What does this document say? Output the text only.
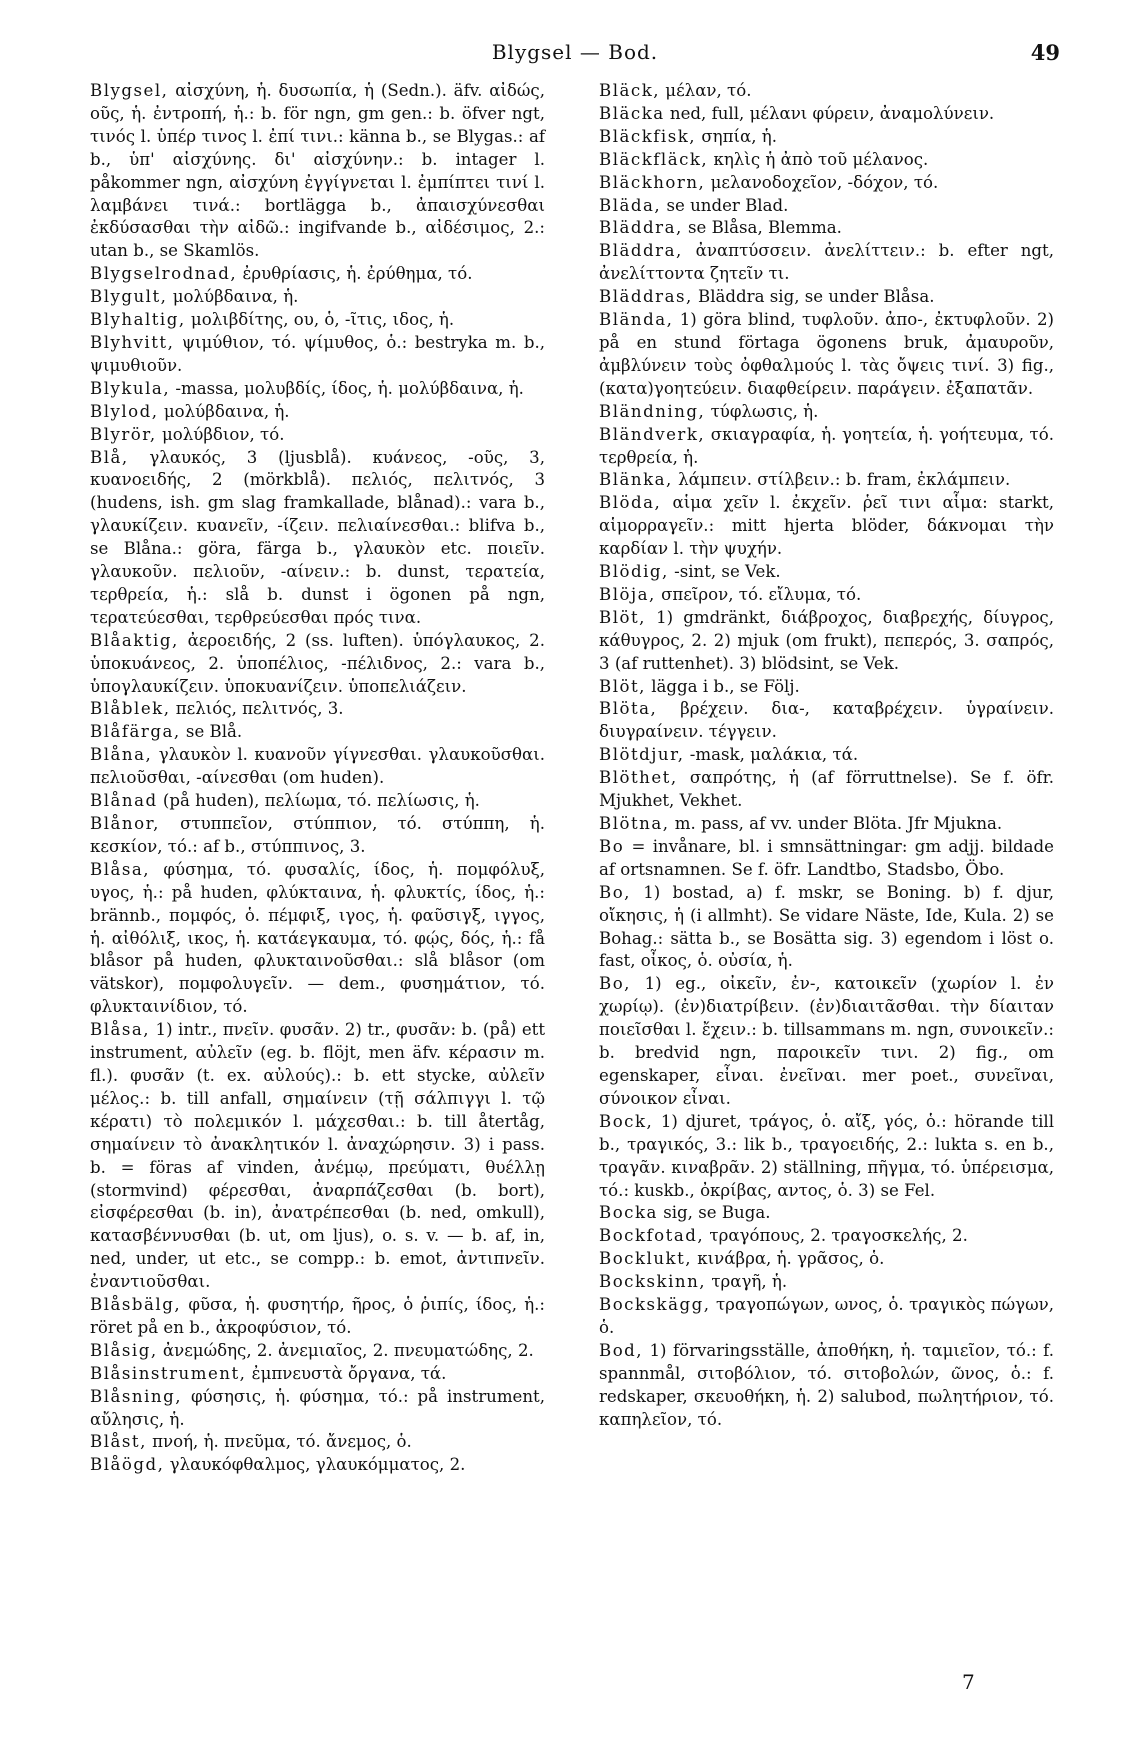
Blygsel — Bod.	49

Blygsel, αἰσχύνη, ἡ. δυσωπία, ἡ (Sedn.). äfv. αἰδώς, οῦς, ἡ. ἐντροπή, ἡ.: b. för ngn, gm gen.: b. öfver ngt, τινός l. ὑπέρ τινος l. ἐπί τινι.: känna b., se Blygas.: af b., ὑπ' αἰσχύνης. δι' αἰσχύνην.: b. intager l. påkommer ngn, αἰσχύνη ἐγγίγνεται l. ἐμπίπτει τινί l. λαμβάνει τινά.: bortlägga b., ἀπαισχύνεσθαι ἐκδύσασθαι τὴν αἰδῶ.: ingifvande b., αἰδέσιμος, 2.: utan b., se Skamlös.

Blygselrodnad, ἐρυθρίασις, ἡ. ἐρύθημα, τό.

Blygult, μολύβδαινα, ἡ.

Blyhaltig, μολιβδίτης, ου, ὁ, -ῖτις, ιδος, ἡ.

Blyhvitt, ψιμύθιον, τό. ψίμυθος, ὁ.: bestryka m. b., ψιμυθιοῦν.

Blykula, -massa, μολυβδίς, ίδος, ἡ. μολύβδαινα, ἡ.

Blylod, μολύβδαινα, ἡ.

Blyrör, μολύβδιον, τό.

Blå, γλαυκός, 3 (ljusblå). κυάνεος, -οῦς, 3, κυανοειδής, 2 (mörkblå). πελιός, πελιτνός, 3 (hudens, ish. gm slag framkallade, blånad).: vara b., γλαυκίζειν. κυανεῖν, -ίζειν. πελιαίνεσθαι.: blifva b., se Blåna.: göra, färga b., γλαυκὸν etc. ποιεῖν. γλαυκοῦν. πελιοῦν, -αίνειν.: b. dunst, τερατεία, τερθρεία, ἡ.: slå b. dunst i ögonen på ngn, τερατεύεσθαι, τερθρεύεσθαι πρός τινα.

Blåaktig, ἀεροειδής, 2 (ss. luften). ὑπόγλαυκος, 2. ὑποκυάνεος, 2. ὑποπέλιος, -πέλιδνος, 2.: vara b., ὑπογλαυκίζειν. ὑποκυανίζειν. ὑποπελιάζειν.

Blåblek, πελιός, πελιτνός, 3.

Blåfärga, se Blå.

Blåna, γλαυκὸν l. κυανοῦν γίγνεσθαι. γλαυκοῦσθαι. πελιοῦσθαι, -αίνεσθαι (om huden).

Blånad (på huden), πελίωμα, τό. πελίωσις, ἡ.

Blånor, στυππεῖον, στύππιον, τό. στύππη, ἡ. κεσκίον, τό.: af b., στύππινος, 3.

Blåsa, φύσημα, τό. φυσαλίς, ίδος, ἡ. πομφόλυξ, υγος, ἡ.: på huden, φλύκταινα, ἡ. φλυκτίς, ίδος, ἡ.: brännb., πομφός, ὁ. πέμφιξ, ιγος, ἡ. φαῦσιγξ, ιγγος, ἡ. αἰθόλιξ, ικος, ἡ. κατάεγκαυμα, τό. φῴς, δός, ἡ.: få blåsor på huden, φλυκταινοῦσθαι.: slå blåsor (om vätskor), πομφολυγεῖν. — dem., φυσημάτιον, τό. φλυκταινίδιον, τό.

Blåsa, 1) intr., πνεῖν. φυσᾶν. 2) tr., φυσᾶν: b. (på) ett instrument, αὐλεῖν (eg. b. flöjt, men äfv. κέρασιν m. fl.). φυσᾶν (t. ex. αὐλούς).: b. ett stycke, αὐλεῖν μέλος.: b. till anfall, σημαίνειν (τῇ σάλπιγγι l. τῷ κέρατι) τὸ πολεμικόν l. μάχεσθαι.: b. till återtåg, σημαίνειν τὸ ἀνακλητικόν l. ἀναχώρησιν. 3) i pass. b. = föras af vinden, ἀνέμῳ, πρεύματι, θυέλλῃ (stormvind) φέρεσθαι, ἀναρπάζεσθαι (b. bort), εἰσφέρεσθαι (b. in), ἀνατρέπεσθαι (b. ned, omkull), κατασβέννυσθαι (b. ut, om ljus), o. s. v. — b. af, in, ned, under, ut etc., se compp.: b. emot, ἀντιπνεῖν. ἐναντιοῦσθαι.

Blåsbälg, φῦσα, ἡ. φυσητήρ, ῆρος, ὁ ῥιπίς, ίδος, ἡ.: röret på en b., ἀκροφύσιον, τό.

Blåsig, ἀνεμώδης, 2. ἀνεμιαῖος, 2. πνευματώδης, 2.

Blåsinstrument, ἐμπνευστὰ ὄργανα, τά.

Blåsning, φύσησις, ἡ. φύσημα, τό.: på instrument, αὔλησις, ἡ.

Blåst, πνοή, ἡ. πνεῦμα, τό. ἄνεμος, ὁ.

Blåögd, γλαυκόφθαλμος, γλαυκόμματος, 2.

Bläck, μέλαν, τό.

Bläcka ned, full, μέλανι φύρειν, ἀναμολύνειν.

Bläckfisk, σηπία, ἡ.

Bläckfläck, κηλὶς ἡ ἀπὸ τοῦ μέλανος.

Bläckhorn, μελανοδοχεῖον, -δόχον, τό.

Bläda, se under Blad.

Bläddra, se Blåsa, Blemma.

Bläddra, ἀναπτύσσειν. ἀνελίττειν.: b. efter ngt, ἀνελίττοντα ζητεῖν τι.

Bläddras, Bläddra sig, se under Blåsa.

Blända, 1) göra blind, τυφλοῦν. ἀπο-, ἐκτυφλοῦν. 2) på en stund förtaga ögonens bruk, ἀμαυροῦν, ἀμβλύνειν τοὺς ὀφθαλμούς l. τὰς ὄψεις τινί. 3) fig., (κατα)γοητεύειν. διαφθείρειν. παράγειν. ἐξαπατᾶν.

Bländning, τύφλωσις, ἡ.

Bländverk, σκιαγραφία, ἡ. γοητεία, ἡ. γοήτευμα, τό. τερθρεία, ἡ.

Blänka, λάμπειν. στίλβειν.: b. fram, ἐκλάμπειν.

Blöda, αἱμα χεῖν l. ἐκχεῖν. ῥεῖ τινι αἷμα: starkt, αἱμορραγεῖν.: mitt hjerta blöder, δάκνομαι τὴν καρδίαν l. τὴν ψυχήν.

Blödig, -sint, se Vek.

Blöja, σπεῖρον, τό. εἴλυμα, τό.

Blöt, 1) gmdränkt, διάβροχος, διαβρεχής, δίυγρος, κάθυγρος, 2. 2) mjuk (om frukt), πεπερός, 3. σαπρός, 3 (af ruttenhet). 3) blödsint, se Vek.

Blöt, lägga i b., se Följ.

Blöta, βρέχειν. δια-, καταβρέχειν. ὑγραίνειν. διυγραίνειν. τέγγειν.

Blötdjur, -mask, μαλάκια, τά.

Blöthet, σαπρότης, ἡ (af förruttnelse). Se f. öfr. Mjukhet, Vekhet.

Blötna, m. pass, af vv. under Blöta. Jfr Mjukna.

Bo = invånare, bl. i smnsättningar: gm adjj. bildade af ortsnamnen. Se f. öfr. Landtbo, Stadsbo, Öbo.

Bo, 1) bostad, a) f. mskr, se Boning. b) f. djur, οἴκησις, ἡ (i allmht). Se vidare Näste, Ide, Kula. 2) se Bohag.: sätta b., se Bosätta sig. 3) egendom i löst o. fast, οἶκος, ὁ. οὐσία, ἡ.

Bo, 1) eg., οἰκεῖν, ἐν-, κατοικεῖν (χωρίον l. ἐν χωρίῳ). (ἐν)διατρίβειν. (ἐν)διαιτᾶσθαι. τὴν δίαιταν ποιεῖσθαι l. ἔχειν.: b. tillsammans m. ngn, συνοικεῖν.: b. bredvid ngn, παροικεῖν τινι. 2) fig., om egenskaper, εἶναι. ἐνεῖναι. mer poet., συνεῖναι, σύνοικον εἶναι.

Bock, 1) djuret, τράγος, ὁ. αἴξ, γός, ὁ.: hörande till b., τραγικός, 3.: lik b., τραγοειδής, 2.: lukta s. en b., τραγᾶν. κιναβρᾶν. 2) ställning, πῆγμα, τό. ὑπέρεισμα, τό.: kuskb., ὀκρίβας, αντος, ὁ. 3) se Fel.

Bocka sig, se Buga.

Bockfotad, τραγόπους, 2. τραγοσκελής, 2.

Bocklukt, κινάβρα, ἡ. γρᾶσος, ὁ.

Bockskinn, τραγῆ, ἡ.

Bockskägg, τραγοπώγων, ωνος, ὁ. τραγικὸς πώγων, ὁ.

Bod, 1) förvaringsställe, ἀποθήκη, ἡ. ταμιεῖον, τό.: f. spannmål, σιτοβόλιον, τό. σιτοβολών, ῶνος, ὁ.: f. redskaper, σκευοθήκη, ἡ. 2) salubod, πωλητήριον, τό. καπηλεῖον, τό.

7
